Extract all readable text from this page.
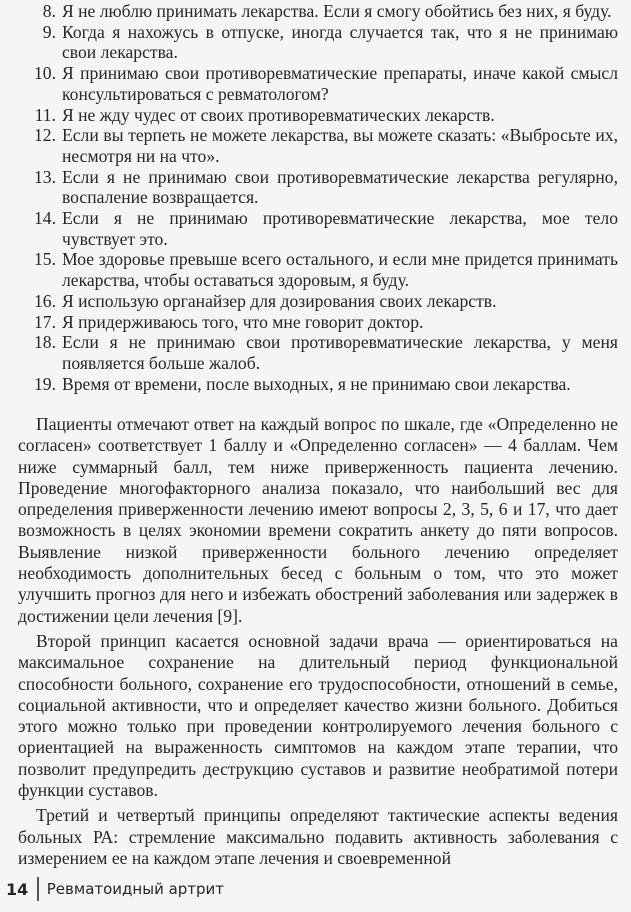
8. Я не люблю принимать лекарства. Если я смогу обойтись без них, я буду.
9. Когда я нахожусь в отпуске, иногда случается так, что я не принимаю свои лекарства.
10. Я принимаю свои противоревматические препараты, иначе какой смысл консультироваться с ревматологом?
11. Я не жду чудес от своих противоревматических лекарств.
12. Если вы терпеть не можете лекарства, вы можете сказать: «Выбросьте их, несмотря ни на что».
13. Если я не принимаю свои противоревматические лекарства регулярно, воспаление возвращается.
14. Если я не принимаю противоревматические лекарства, мое тело чувствует это.
15. Мое здоровье превыше всего остального, и если мне придется принимать лекарства, чтобы оставаться здоровым, я буду.
16. Я использую органайзер для дозирования своих лекарств.
17. Я придерживаюсь того, что мне говорит доктор.
18. Если я не принимаю свои противоревматические лекарства, у меня появляется больше жалоб.
19. Время от времени, после выходных, я не принимаю свои лекарства.

Пациенты отмечают ответ на каждый вопрос по шкале, где «Определенно не согласен» соответствует 1 баллу и «Определенно согласен» — 4 баллам. Чем ниже суммарный балл, тем ниже приверженность пациента лечению. Проведение многофакторного анализа показало, что наибольший вес для определения приверженности лечению имеют вопросы 2, 3, 5, 6 и 17, что дает возможность в целях экономии времени сократить анкету до пяти вопросов. Выявление низкой приверженности больного лечению определяет необходимость дополнительных бесед с больным о том, что это может улучшить прогноз для него и избежать обострений заболевания или задержек в достижении цели лечения [9].

Второй принцип касается основной задачи врача — ориентироваться на максимальное сохранение на длительный период функциональной способности больного, сохранение его трудоспособности, отношений в семье, социальной активности, что и определяет качество жизни больного. Добиться этого можно только при проведении контролируемого лечения больного с ориентацией на выраженность симптомов на каждом этапе терапии, что позволит предупредить деструкцию суставов и развитие необратимой потери функции суставов.

Третий и четвертый принципы определяют тактические аспекты ведения больных РА: стремление максимально подавить активность заболевания с измерением ее на каждом этапе лечения и своевременной

14	Ревматоидный артрит
